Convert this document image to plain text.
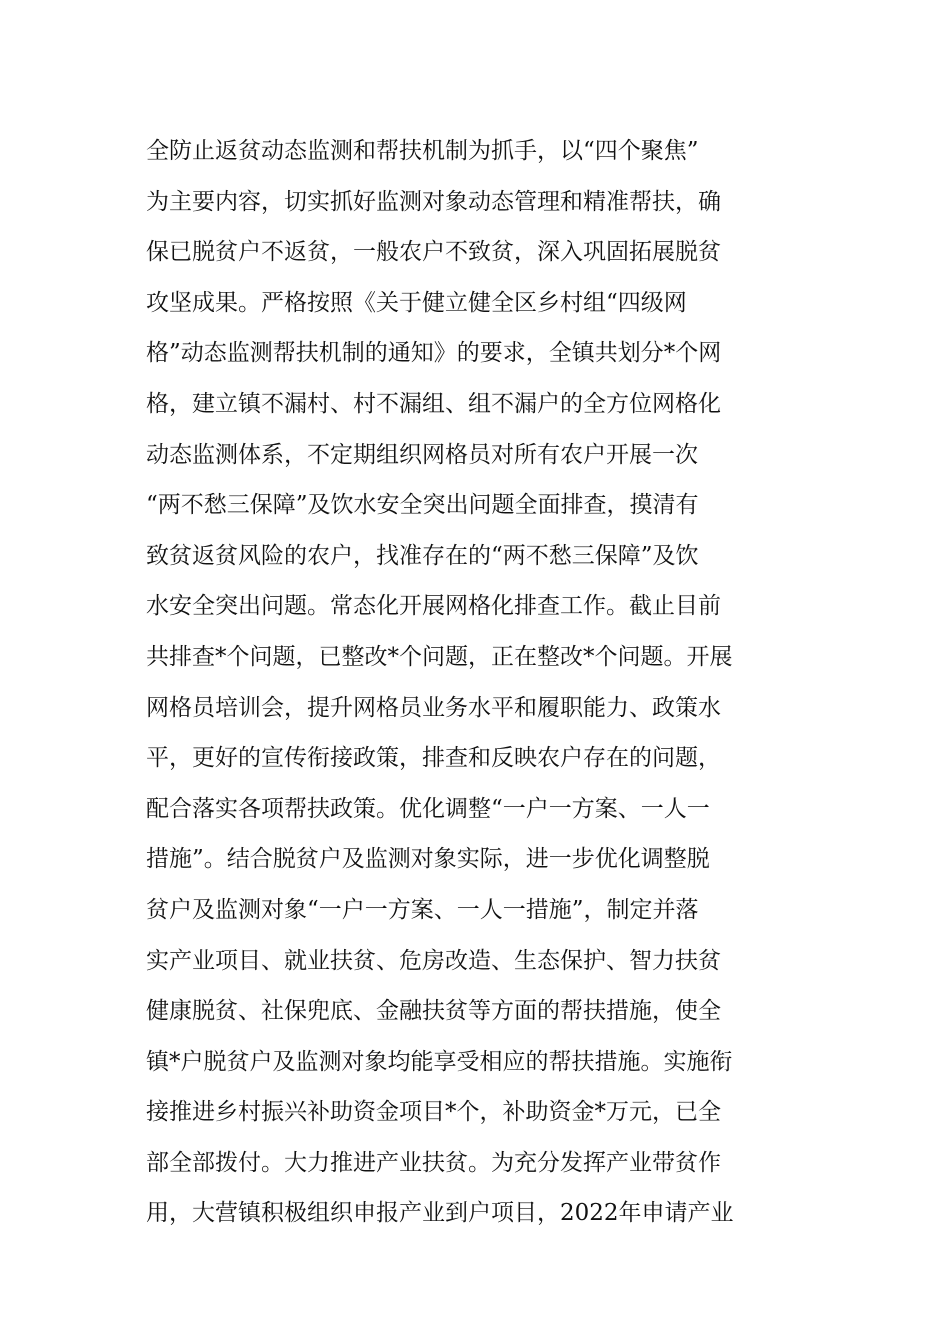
全防止返贫动态监测和帮扶机制为抓手，以“四个聚焦”
为主要内容，切实抓好监测对象动态管理和精准帮扶，确
保已脱贫户不返贫，一般农户不致贫，深入巩固拓展脱贫
攻坚成果。严格按照《关于健立健全区乡村组“四级网
格”动态监测帮扶机制的通知》的要求，全镇共划分*个网
格，建立镇不漏村、村不漏组、组不漏户的全方位网格化
动态监测体系，不定期组织网格员对所有农户开展一次
“两不愁三保障”及饮水安全突出问题全面排查，摸清有
致贫返贫风险的农户，找准存在的“两不愁三保障”及饮
水安全突出问题。常态化开展网格化排查工作。截止目前
共排查*个问题，已整改*个问题，正在整改*个问题。开展
网格员培训会，提升网格员业务水平和履职能力、政策水
平，更好的宣传衔接政策，排查和反映农户存在的问题，
配合落实各项帮扶政策。优化调整“一户一方案、一人一
措施”。结合脱贫户及监测对象实际，进一步优化调整脱
贫户及监测对象“一户一方案、一人一措施”，制定并落
实产业项目、就业扶贫、危房改造、生态保护、智力扶贫
健康脱贫、社保兜底、金融扶贫等方面的帮扶措施，使全
镇*户脱贫户及监测对象均能享受相应的帮扶措施。实施衔
接推进乡村振兴补助资金项目*个，补助资金*万元，已全
部全部拨付。大力推进产业扶贫。为充分发挥产业带贫作
用，大营镇积极组织申报产业到户项目，2022年申请产业
